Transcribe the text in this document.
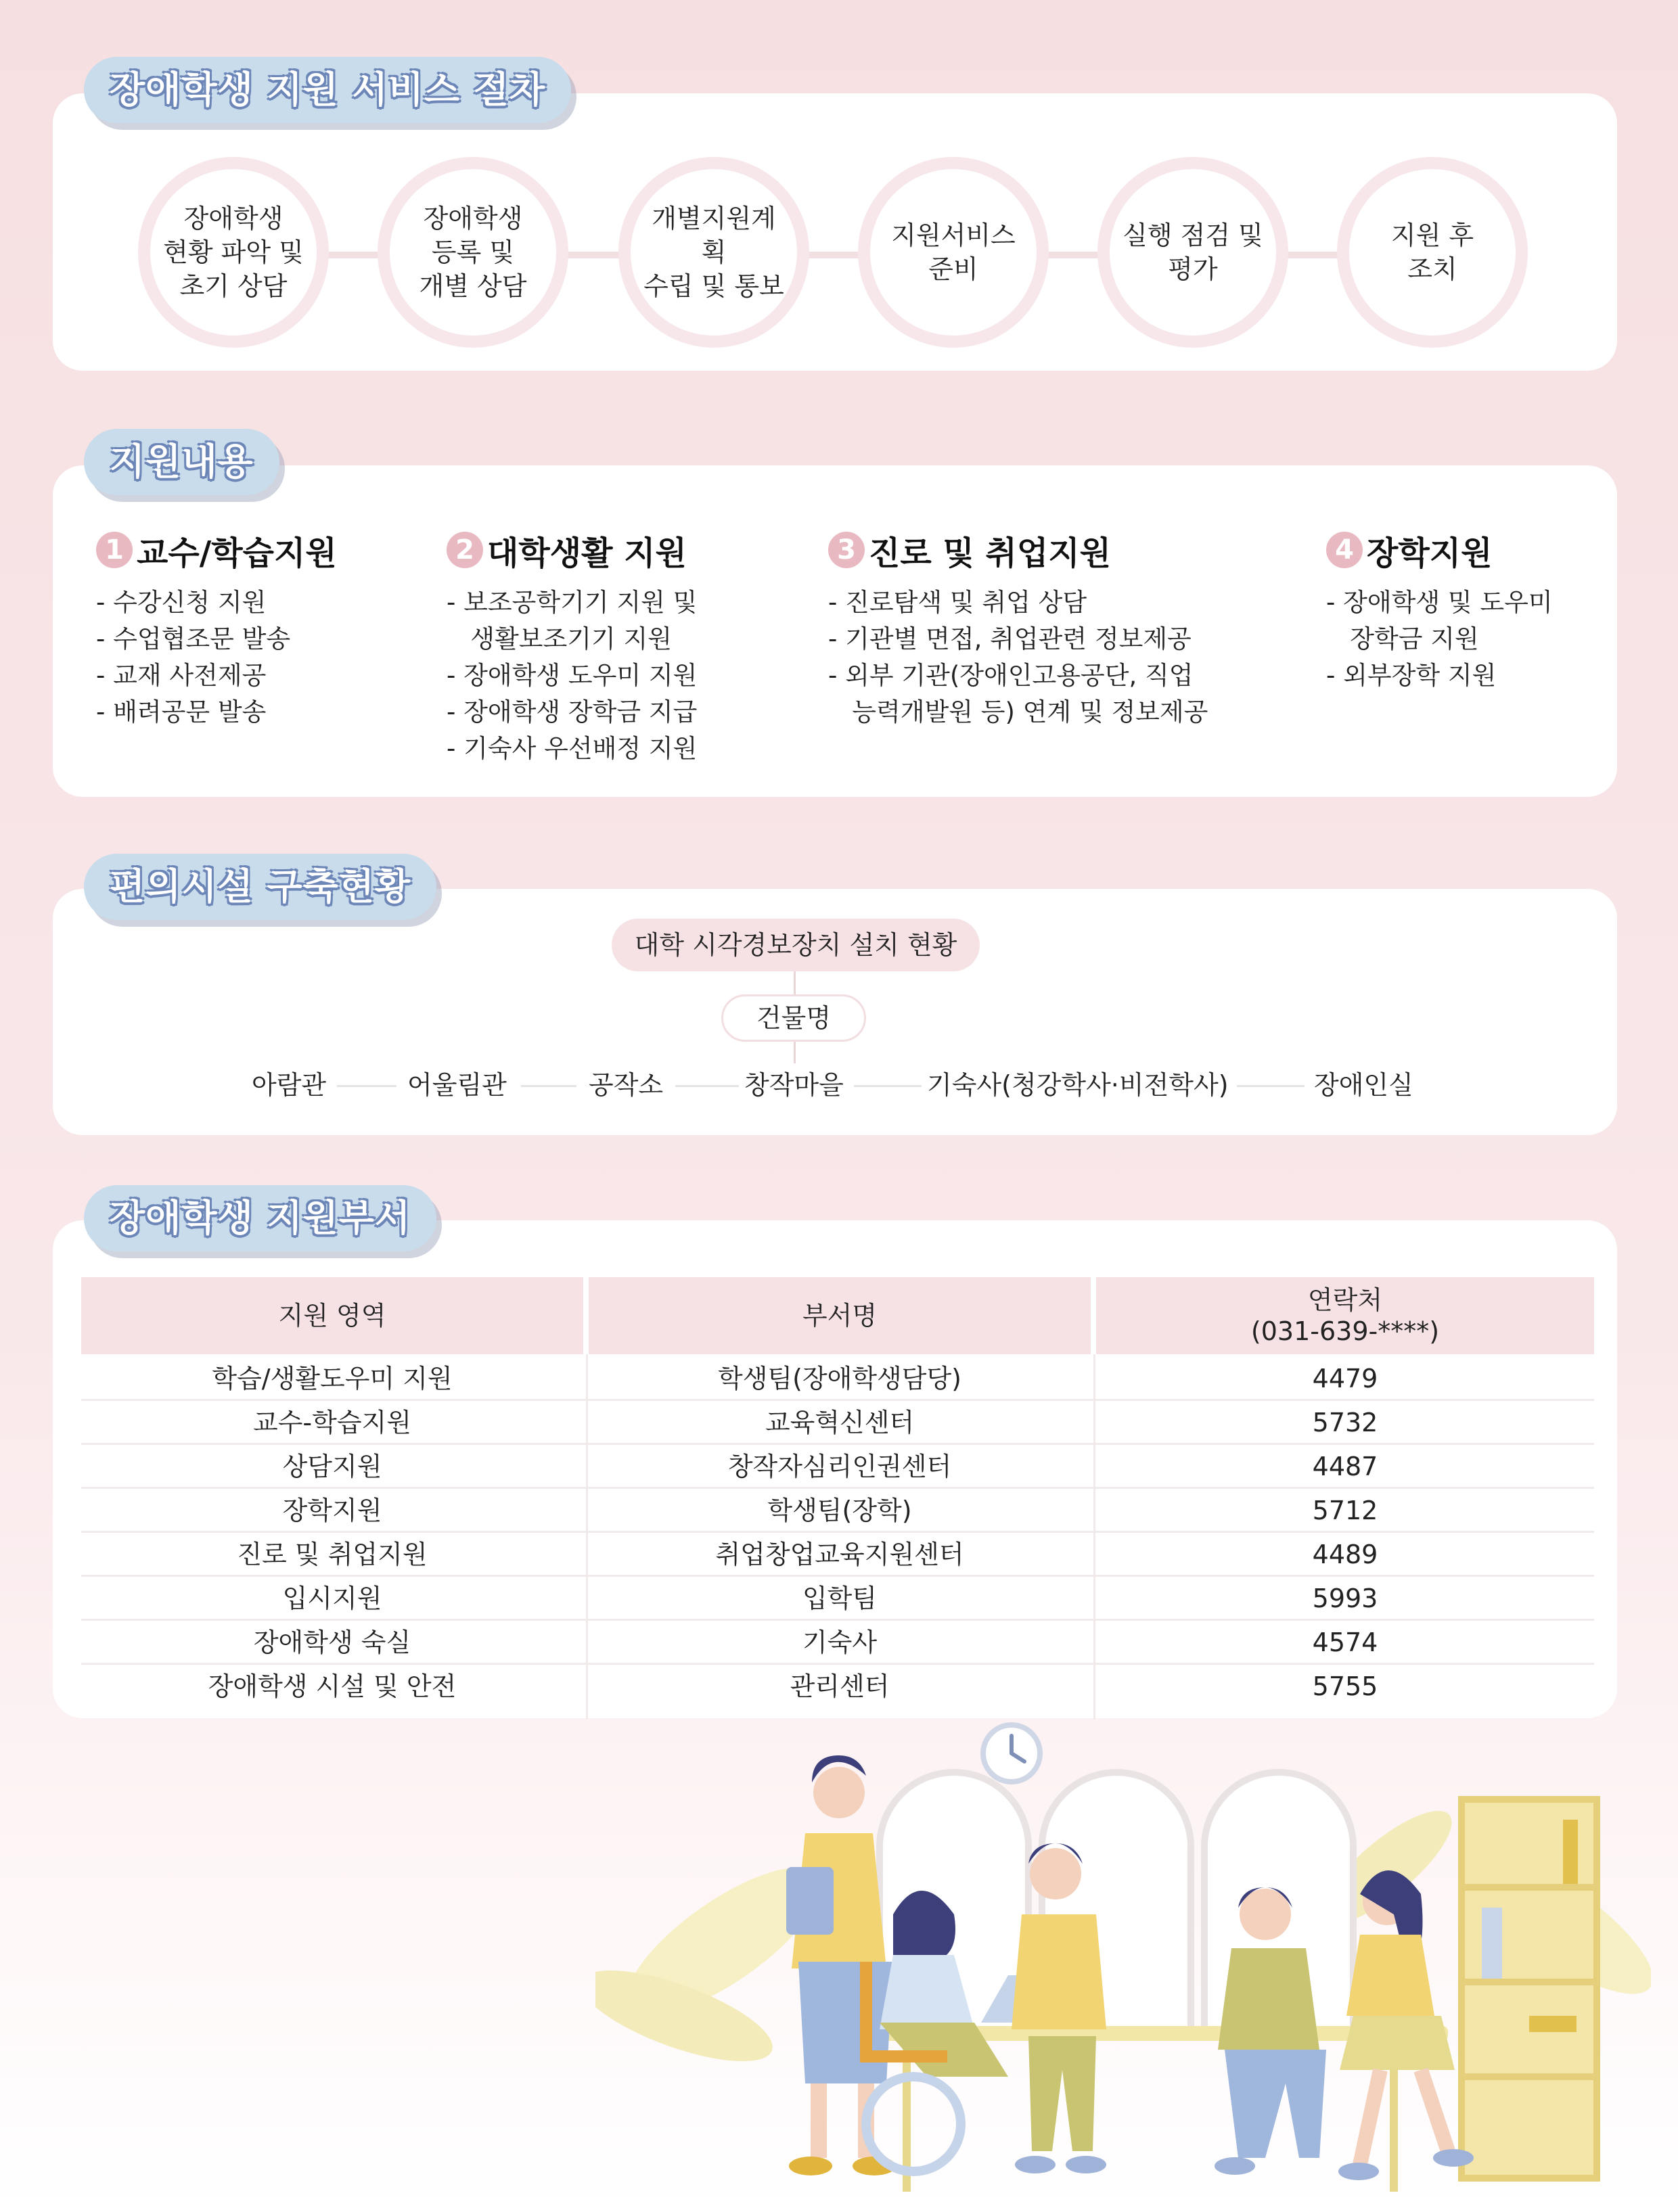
장애학생 지원 서비스 절차
장애학생
현황 파악 및
초기 상담
장애학생
등록 및
개별 상담
개별지원계획
수립 및 통보
지원서비스
준비
실행 점검 및
평가
지원 후
조치
지원내용
1 교수/학습지원
- 수강신청 지원
- 수업협조문 발송
- 교재 사전제공
- 배려공문 발송
2 대학생활 지원
- 보조공학기기 지원 및
생활보조기기 지원
- 장애학생 도우미 지원
- 장애학생 장학금 지급
- 기숙사 우선배정 지원
3 진로 및 취업지원
- 진로탐색 및 취업 상담
- 기관별 면접, 취업관련 정보제공
- 외부 기관(장애인고용공단, 직업
능력개발원 등) 연계 및 정보제공
4 장학지원
- 장애학생 및 도우미
장학금 지원
- 외부장학 지원
편의시설 구축현황
대학 시각경보장치 설치 현황
건물명
아람관	어울림관	공작소	창작마을	기숙사(청강학사·비전학사)	장애인실
장애학생 지원부서
지원 영역	부서명
연락처
(031-639-****)
학습/생활도우미 지원	학생팀(장애학생담당)	4479
교수-학습지원	교육혁신센터	5732
상담지원	창작자심리인권센터	4487
장학지원	학생팀(장학)	5712
진로 및 취업지원	취업창업교육지원센터	4489
입시지원	입학팀	5993
장애학생 숙실	기숙사	4574
장애학생 시설 및 안전	관리센터	5755
